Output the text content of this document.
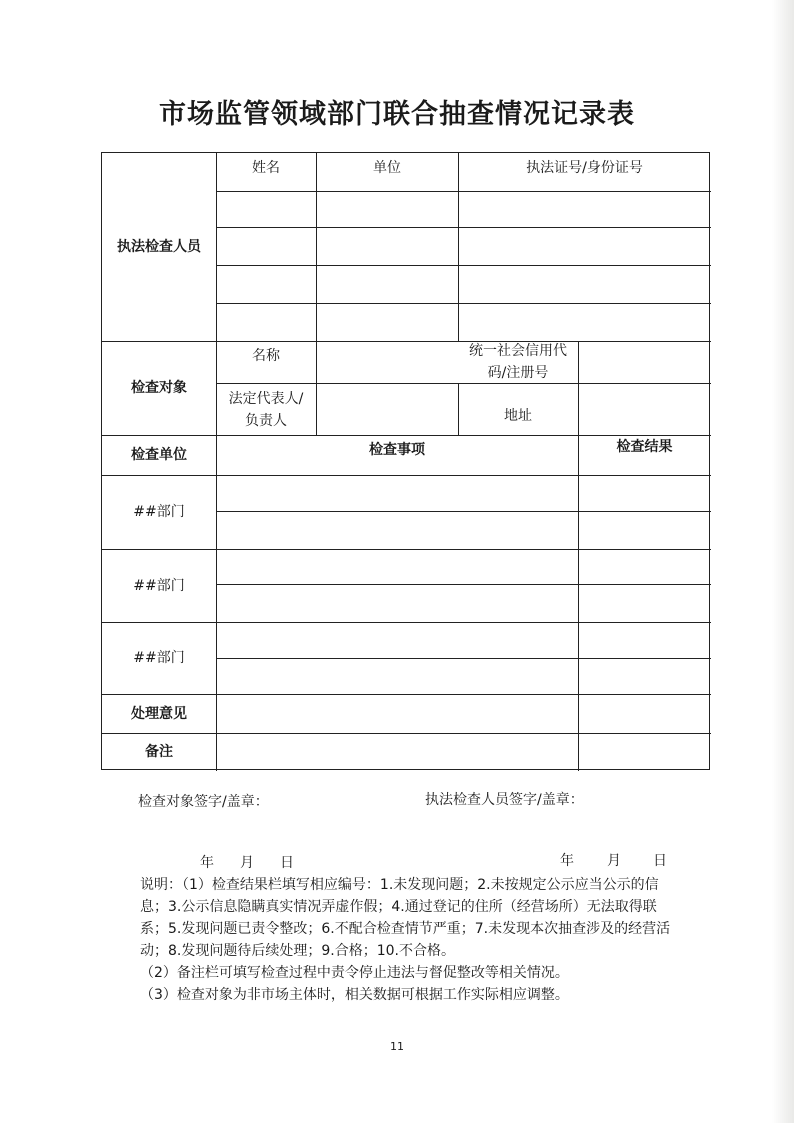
市场监管领域部门联合抽查情况记录表
执法检查人员
姓名	单位	执法证号/身份证号
检查对象
名称	统一社会信用代码/注册号
法定代表人/负责人	地址
检查单位	检查事项	检查结果
##部门
##部门
##部门
处理意见
备注
检查对象签字/盖章：	执法检查人员签字/盖章：
年 月 日	年 月 日

说明：（1）检查结果栏填写相应编号：1.未发现问题；2.未按规定公示应当公示的信息；3.公示信息隐瞒真实情况弄虚作假；4.通过登记的住所（经营场所）无法取得联系；5.发现问题已责令整改；6.不配合检查情节严重；7.未发现本次抽查涉及的经营活动；8.发现问题待后续处理；9.合格；10.不合格。

（2）备注栏可填写检查过程中责令停止违法与督促整改等相关情况。

（3）检查对象为非市场主体时，相关数据可根据工作实际相应调整。

11
